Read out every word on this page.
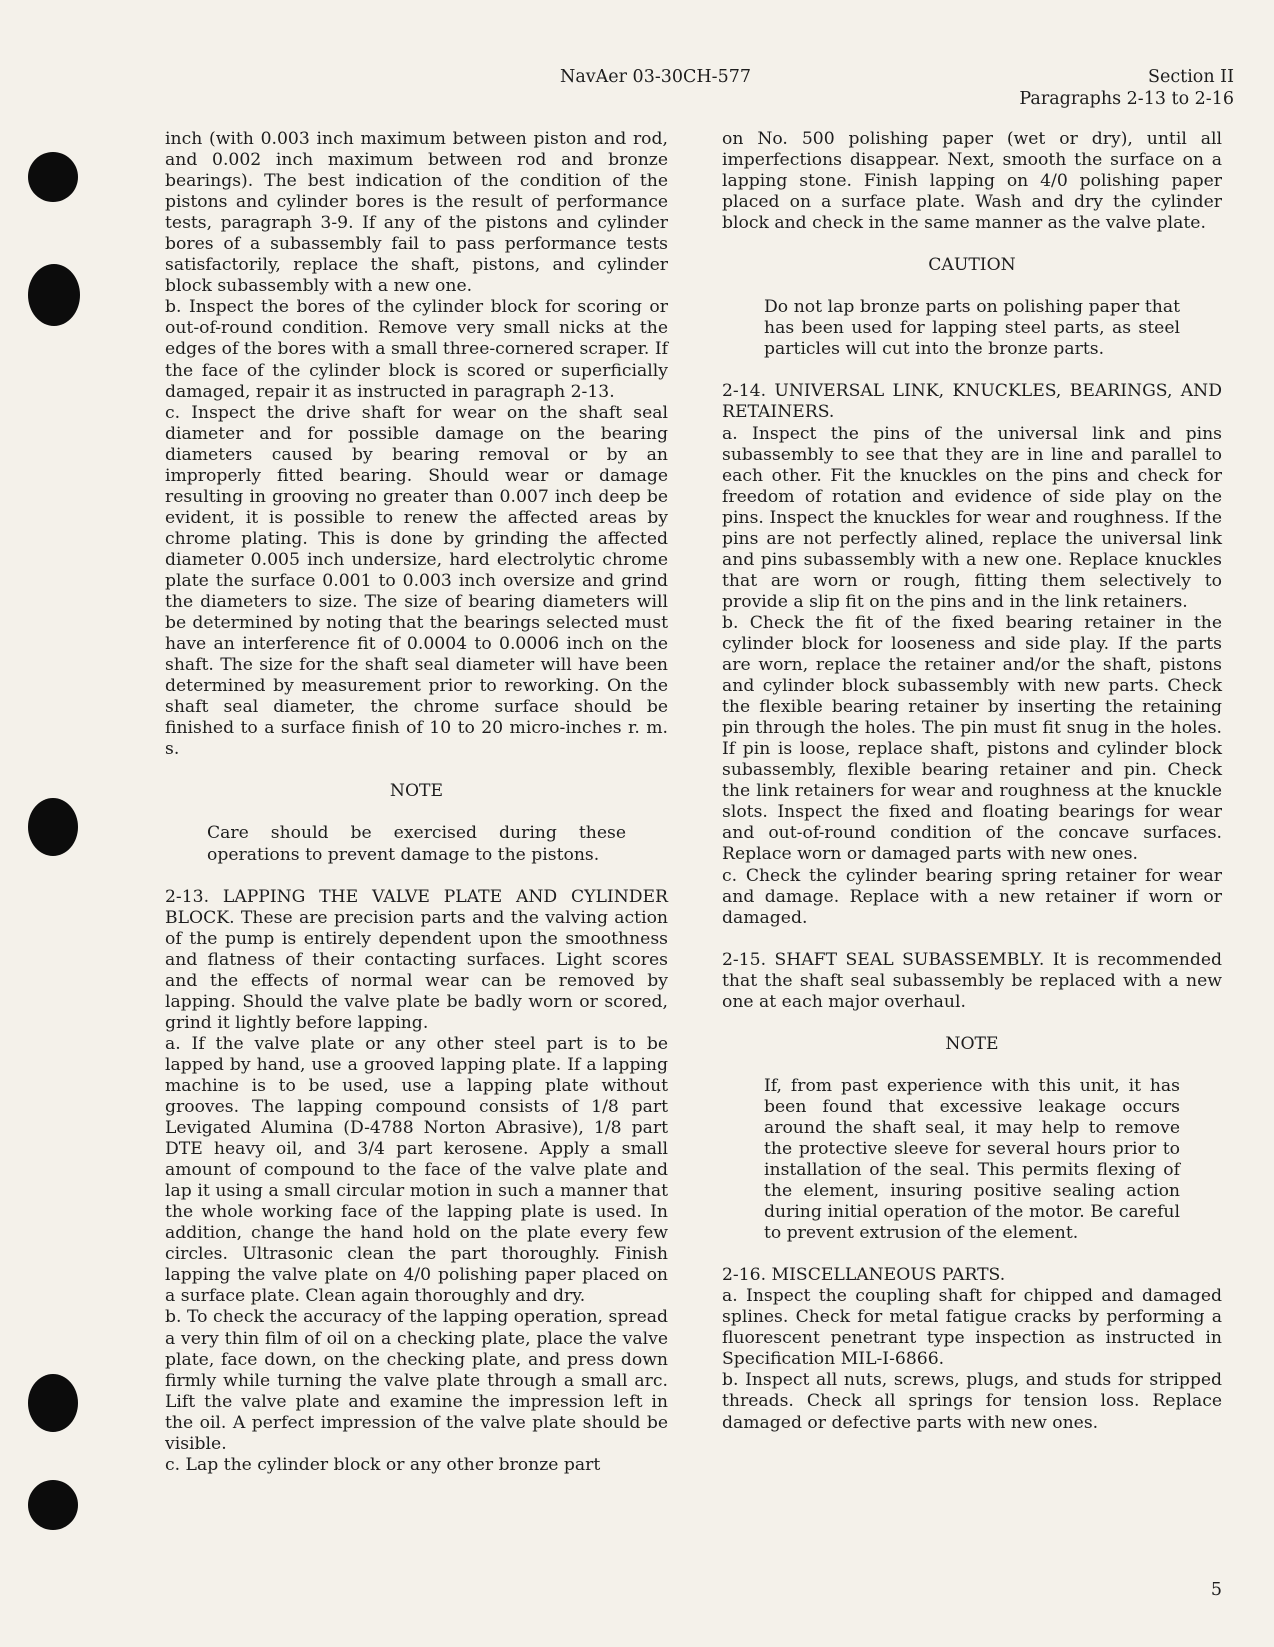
NavAer 03-30CH-577	Section II
Paragraphs 2-13 to 2-16

inch (with 0.003 inch maximum between piston and rod, and 0.002 inch maximum between rod and bronze bearings). The best indication of the condition of the pistons and cylinder bores is the result of performance tests, paragraph 3-9. If any of the pistons and cylinder bores of a subassembly fail to pass performance tests satisfactorily, replace the shaft, pistons, and cylinder block subassembly with a new one.

b. Inspect the bores of the cylinder block for scoring or out-of-round condition. Remove very small nicks at the edges of the bores with a small three-cornered scraper. If the face of the cylinder block is scored or superficially damaged, repair it as instructed in paragraph 2-13.

c. Inspect the drive shaft for wear on the shaft seal diameter and for possible damage on the bearing diameters caused by bearing removal or by an improperly fitted bearing. Should wear or damage resulting in grooving no greater than 0.007 inch deep be evident, it is possible to renew the affected areas by chrome plating. This is done by grinding the affected diameter 0.005 inch undersize, hard electrolytic chrome plate the surface 0.001 to 0.003 inch oversize and grind the diameters to size. The size of bearing diameters will be determined by noting that the bearings selected must have an interference fit of 0.0004 to 0.0006 inch on the shaft. The size for the shaft seal diameter will have been determined by measurement prior to reworking. On the shaft seal diameter, the chrome surface should be finished to a surface finish of 10 to 20 micro-inches r. m. s.

NOTE

Care should be exercised during these operations to prevent damage to the pistons.

2-13. LAPPING THE VALVE PLATE AND CYLINDER BLOCK. These are precision parts and the valving action of the pump is entirely dependent upon the smoothness and flatness of their contacting surfaces. Light scores and the effects of normal wear can be removed by lapping. Should the valve plate be badly worn or scored, grind it lightly before lapping.

a. If the valve plate or any other steel part is to be lapped by hand, use a grooved lapping plate. If a lapping machine is to be used, use a lapping plate without grooves. The lapping compound consists of 1/8 part Levigated Alumina (D-4788 Norton Abrasive), 1/8 part DTE heavy oil, and 3/4 part kerosene. Apply a small amount of compound to the face of the valve plate and lap it using a small circular motion in such a manner that the whole working face of the lapping plate is used. In addition, change the hand hold on the plate every few circles. Ultrasonic clean the part thoroughly. Finish lapping the valve plate on 4/0 polishing paper placed on a surface plate. Clean again thoroughly and dry.

b. To check the accuracy of the lapping operation, spread a very thin film of oil on a checking plate, place the valve plate, face down, on the checking plate, and press down firmly while turning the valve plate through a small arc. Lift the valve plate and examine the impression left in the oil. A perfect impression of the valve plate should be visible.

c. Lap the cylinder block or any other bronze part

on No. 500 polishing paper (wet or dry), until all imperfections disappear. Next, smooth the surface on a lapping stone. Finish lapping on 4/0 polishing paper placed on a surface plate. Wash and dry the cylinder block and check in the same manner as the valve plate.

CAUTION

Do not lap bronze parts on polishing paper that has been used for lapping steel parts, as steel particles will cut into the bronze parts.

2-14. UNIVERSAL LINK, KNUCKLES, BEARINGS, AND RETAINERS.

a. Inspect the pins of the universal link and pins subassembly to see that they are in line and parallel to each other. Fit the knuckles on the pins and check for freedom of rotation and evidence of side play on the pins. Inspect the knuckles for wear and roughness. If the pins are not perfectly alined, replace the universal link and pins subassembly with a new one. Replace knuckles that are worn or rough, fitting them selectively to provide a slip fit on the pins and in the link retainers.

b. Check the fit of the fixed bearing retainer in the cylinder block for looseness and side play. If the parts are worn, replace the retainer and/or the shaft, pistons and cylinder block subassembly with new parts. Check the flexible bearing retainer by inserting the retaining pin through the holes. The pin must fit snug in the holes. If pin is loose, replace shaft, pistons and cylinder block subassembly, flexible bearing retainer and pin. Check the link retainers for wear and roughness at the knuckle slots. Inspect the fixed and floating bearings for wear and out-of-round condition of the concave surfaces. Replace worn or damaged parts with new ones.

c. Check the cylinder bearing spring retainer for wear and damage. Replace with a new retainer if worn or damaged.

2-15. SHAFT SEAL SUBASSEMBLY. It is recommended that the shaft seal subassembly be replaced with a new one at each major overhaul.

NOTE

If, from past experience with this unit, it has been found that excessive leakage occurs around the shaft seal, it may help to remove the protective sleeve for several hours prior to installation of the seal. This permits flexing of the element, insuring positive sealing action during initial operation of the motor. Be careful to prevent extrusion of the element.

2-16. MISCELLANEOUS PARTS.

a. Inspect the coupling shaft for chipped and damaged splines. Check for metal fatigue cracks by performing a fluorescent penetrant type inspection as instructed in Specification MIL-I-6866.

b. Inspect all nuts, screws, plugs, and studs for stripped threads. Check all springs for tension loss. Replace damaged or defective parts with new ones.

5
